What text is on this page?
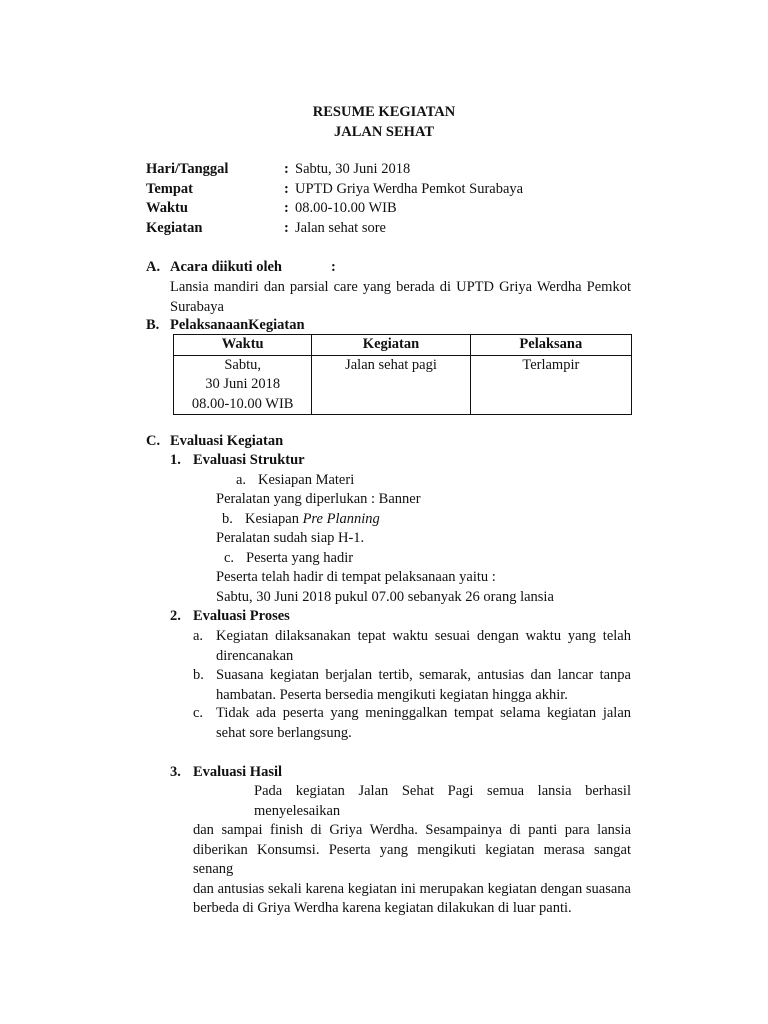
RESUME KEGIATAN
JALAN SEHAT
Hari/Tanggal	: Sabtu, 30 Juni 2018
Tempat	: UPTD Griya Werdha Pemkot Surabaya
Waktu	: 08.00-10.00 WIB
Kegiatan	: Jalan sehat sore
A. Acara diikuti oleh	:
Lansia mandiri dan parsial care yang berada di UPTD Griya Werdha Pemkot
Surabaya
B. PelaksanaanKegiatan
Waktu	Kegiatan	Pelaksana

Sabtu,
30 Juni 2018
08.00-10.00 WIB	Jalan sehat pagi	Terlampir
C. Evaluasi Kegiatan
1. Evaluasi Struktur
a. Kesiapan Materi
Peralatan yang diperlukan : Banner
b. Kesiapan Pre Planning
Peralatan sudah siap H-1.
c. Peserta yang hadir
Peserta telah hadir di tempat pelaksanaan yaitu :
Sabtu, 30 Juni 2018 pukul 07.00 sebanyak 26 orang lansia
2. Evaluasi Proses
a. Kegiatan dilaksanakan tepat waktu sesuai dengan waktu yang telah
direncanakan
b. Suasana kegiatan berjalan tertib, semarak, antusias dan lancar tanpa
hambatan. Peserta bersedia mengikuti kegiatan hingga akhir.
c. Tidak ada peserta yang meninggalkan tempat selama kegiatan jalan
sehat sore berlangsung.
3. Evaluasi Hasil
Pada kegiatan Jalan Sehat Pagi semua lansia berhasil menyelesaikan
dan sampai finish di Griya Werdha. Sesampainya di panti para lansia
diberikan Konsumsi. Peserta yang mengikuti kegiatan merasa sangat senang
dan antusias sekali karena kegiatan ini merupakan kegiatan dengan suasana
berbeda di Griya Werdha karena kegiatan dilakukan di luar panti.
